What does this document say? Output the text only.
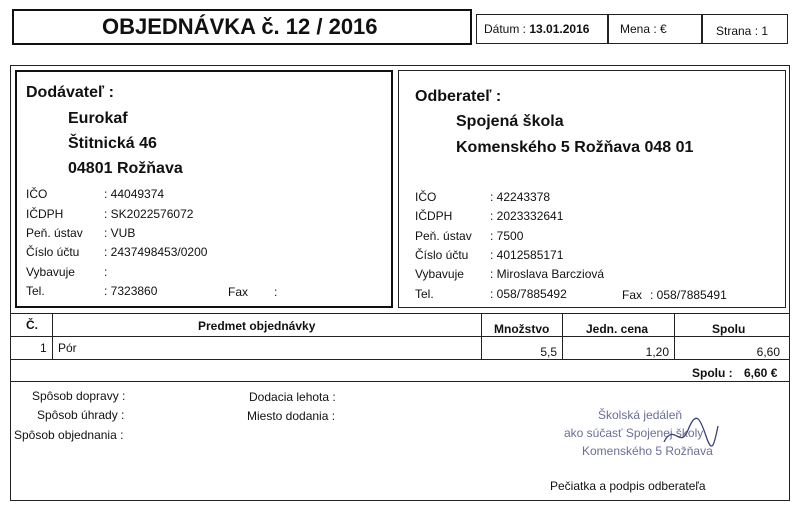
OBJEDNÁVKA č. 12 / 2016	Dátum : 13.01.2016	Mena : €	Strana : 1
Dodávateľ :
Eurokaf
Štitnická 46
04801 Rožňava
IČO	: 44049374
IČDPH	: SK2022576072
Peň. ústav : VUB
Číslo účtu : 2437498453/0200
Vybavuje :
Tel.	: 7323860	Fax :
Odberateľ :
Spojená škola
Komenského 5 Rožňava 048 01
IČO	: 42243378
IČDPH	: 2023332641
Peň. ústav : 7500
Číslo účtu : 4012585171
Vybavuje : Miroslava Barcziová
Tel.	: 058/7885492	Fax : 058/7885491
Č.	Predmet objednávky	Množstvo	Jedn. cena	Spolu
1 Pór	5,5	1,20	6,60
Spolu : 6,60 €
Spôsob dopravy :
Spôsob úhrady :
Spôsob objednania :
Dodacia lehota :
Miesto dodania :	Školská jedáleň
ako súčasť Spojenej školy
Komenského 5 Rožňava
Pečiatka a podpis odberateľa
